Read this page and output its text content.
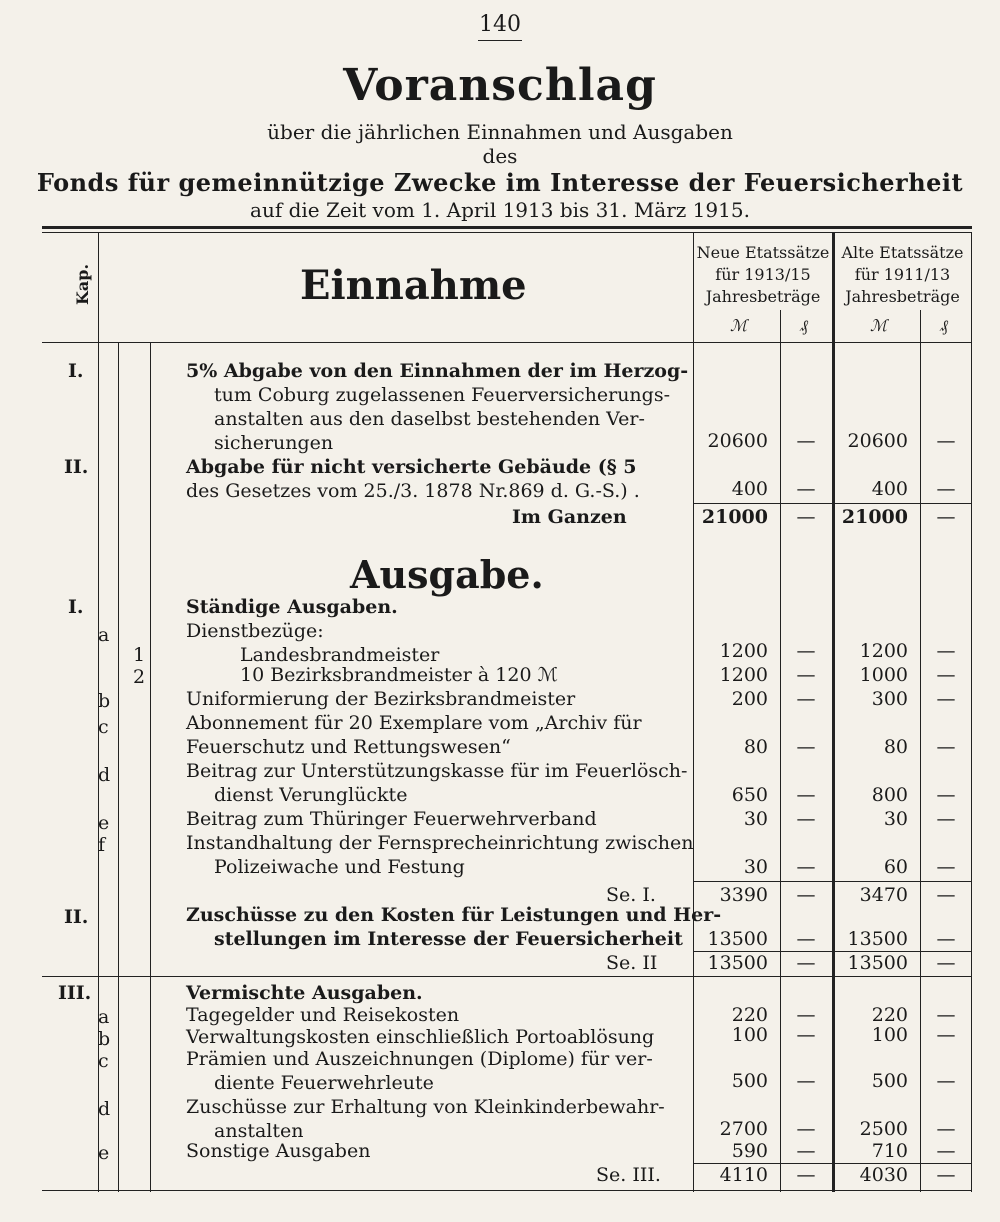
140
Voranschlag
über die jährlichen Einnahmen und Ausgaben
des
Fonds für gemeinnützige Zwecke im Interesse der Feuersicherheit
auf die Zeit vom 1. April 1913 bis 31. März 1915.
Kap.	Einnahme
Neue Etatssätze
für 1913/15
Jahresbeträge
Alte Etatssätze
für 1911/13
Jahresbeträge
ℳ	₰	ℳ	₰
I.	5% Abgabe von den Einnahmen der im Herzog-
tum Coburg zugelassenen Feuerversicherungs-
anstalten aus den daselbst bestehenden Ver-
sicherungen	20600	—	20600	—
II.	Abgabe für nicht versicherte Gebäude (§ 5
des Gesetzes vom 25./3. 1878 Nr.869 d. G.-S.) .	400	—	400	—
Im Ganzen	21000	—	21000	—
Ausgabe.
I.	Ständige Ausgaben.
a	Dienstbezüge:
1	Landesbrandmeister	1200	—	1200	—
2	10 Bezirksbrandmeister à 120 ℳ	1200	—	1000	—
b	Uniformierung der Bezirksbrandmeister	200	—	300	—
c	Abonnement für 20 Exemplare vom „Archiv für
Feuerschutz und Rettungswesen“	80	—	80	—
d	Beitrag zur Unterstützungskasse für im Feuerlösch-
dienst Verunglückte	650	—	800	—
e	Beitrag zum Thüringer Feuerwehrverband	30	—	30	—
f	Instandhaltung der Fernsprecheinrichtung zwischen
Polizeiwache und Festung	30	—	60	—
Se. I.	3390	—	3470	—
II.	Zuschüsse zu den Kosten für Leistungen und Her-
stellungen im Interesse der Feuersicherheit	13500	—	13500	—
Se. II	13500	—	13500	—
III.	Vermischte Ausgaben.
a	Tagegelder und Reisekosten	220	—	220	—
b	Verwaltungskosten einschließlich Portoablösung	100	—	100	—
c	Prämien und Auszeichnungen (Diplome) für ver-
diente Feuerwehrleute	500	—	500	—
d	Zuschüsse zur Erhaltung von Kleinkinderbewahr-
anstalten	2700	—	2500	—
e	Sonstige Ausgaben	590	—	710	—
Se. III.	4110	—	4030	—
